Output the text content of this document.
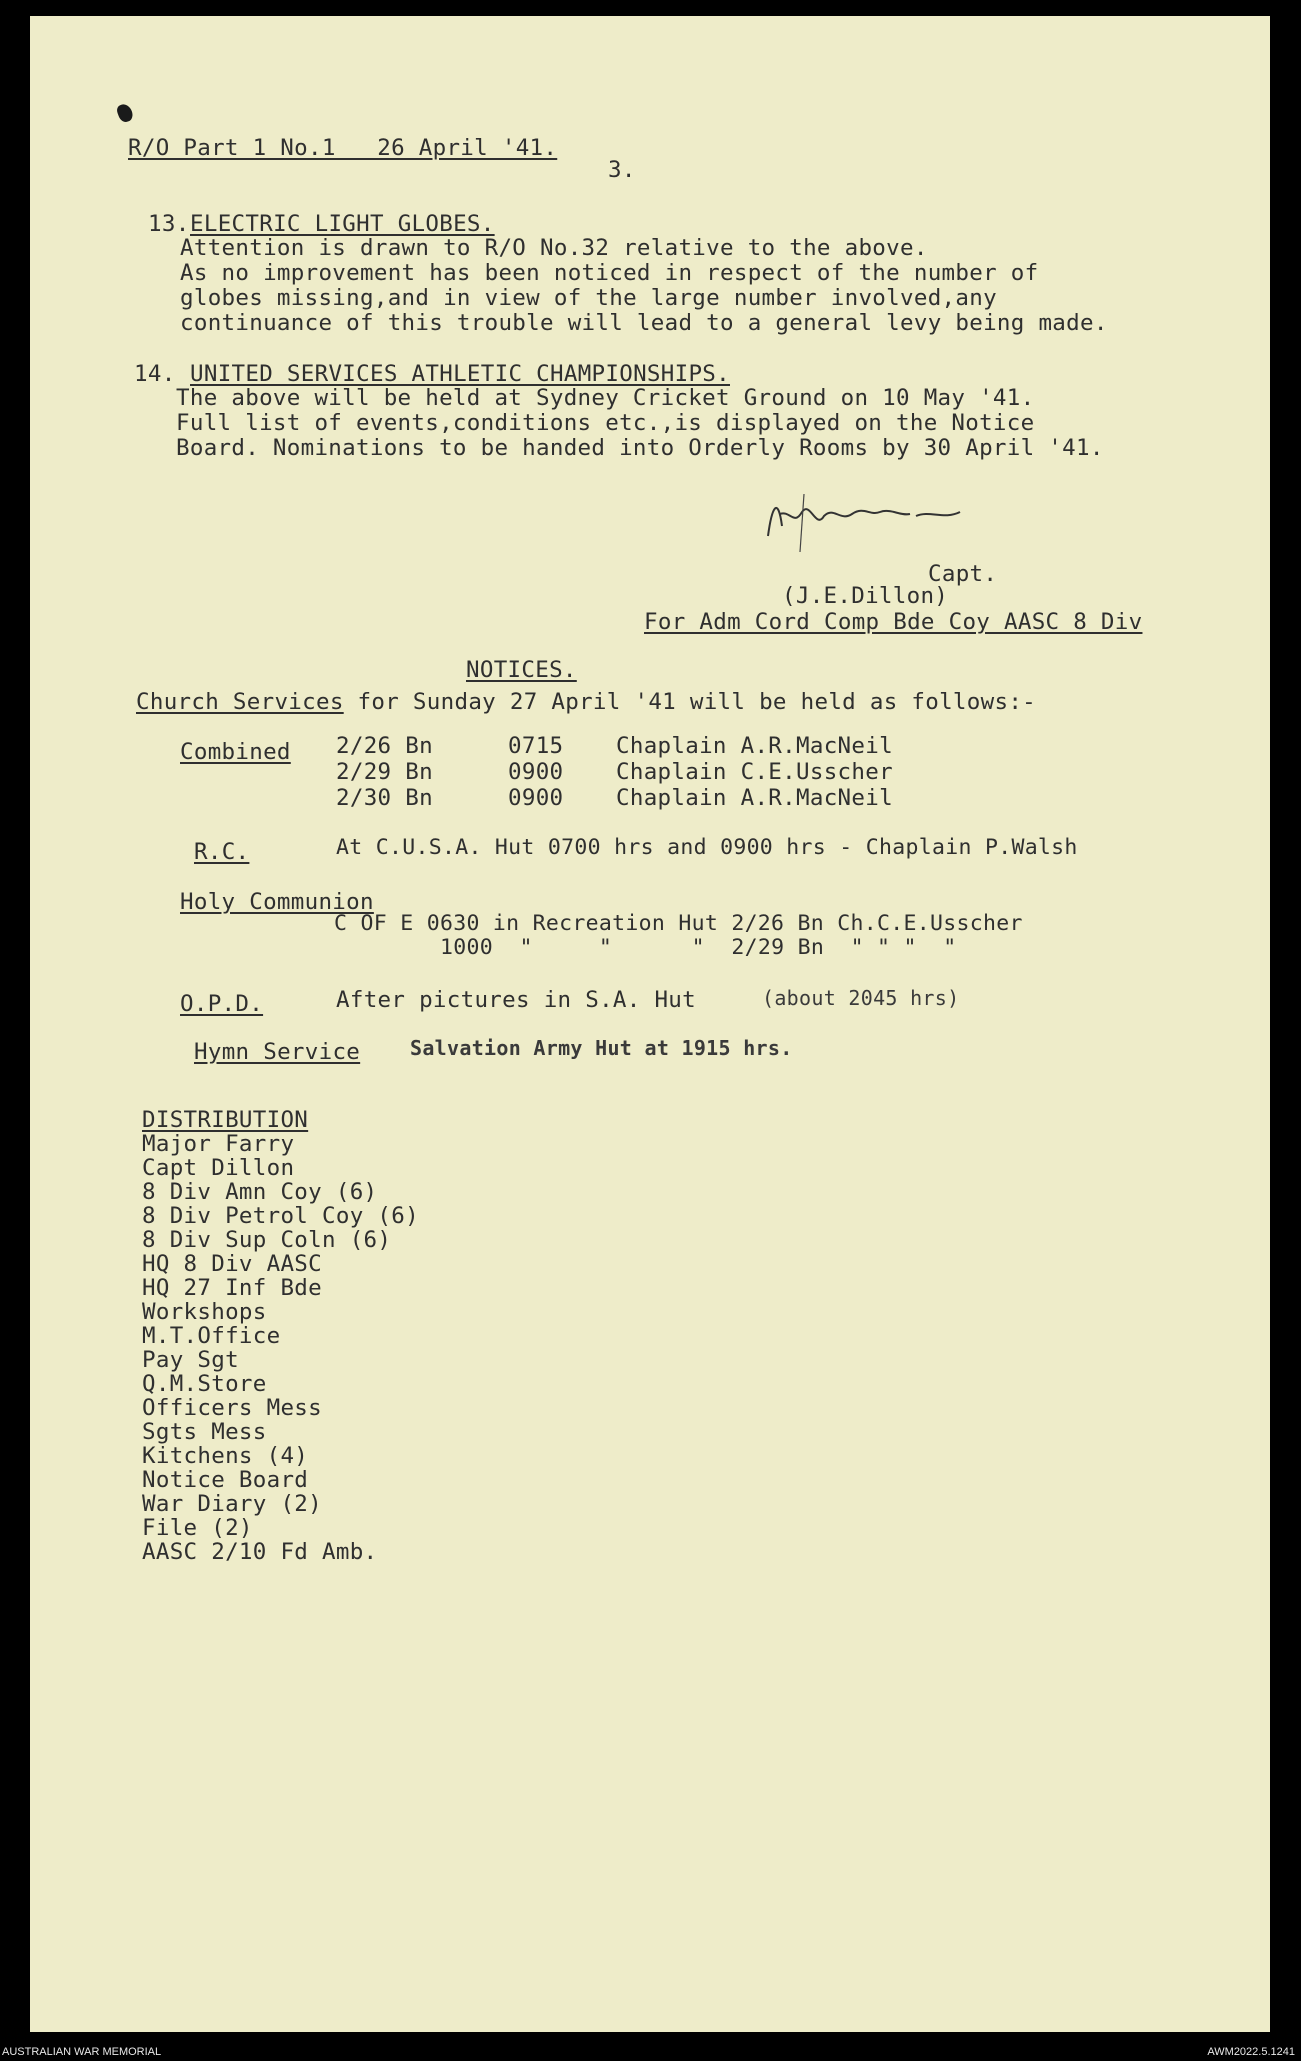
R/O Part 1 No.1   26 April '41.
3.
13. ELECTRIC LIGHT GLOBES.
Attention is drawn to R/O No.32 relative to the above.
As no improvement has been noticed in respect of the number of
globes missing,and in view of the large number involved,any
continuance of this trouble will lead to a general levy being made.
14. UNITED SERVICES ATHLETIC CHAMPIONSHIPS.
The above will be held at Sydney Cricket Ground on 10 May '41.
Full list of events,conditions etc.,is displayed on the Notice
Board. Nominations to be handed into Orderly Rooms by 30 April '41.
Capt.
(J.E.Dillon)
For Adm Cord Comp Bde Coy AASC 8 Div
NOTICES.
Church Services for Sunday 27 April '41 will be held as follows:-
Combined 2/26 Bn	0715 Chaplain A.R.MacNeil
2/29 Bn	0900 Chaplain C.E.Usscher
2/30 Bn	0900 Chaplain A.R.MacNeil
R.C.	At C.U.S.A. Hut 0700 hrs and 0900 hrs - Chaplain P.Walsh
Holy Communion
C OF E 0630 in Recreation Hut 2/26 Bn Ch.C.E.Usscher
1000  "     "      "  2/29 Bn  " " "  "
O.P.D.	After pictures in S.A. Hut	(about 2045 hrs)
Hymn Service Salvation Army Hut at 1915 hrs.
DISTRIBUTION
Major Farry
Capt Dillon
8 Div Amn Coy (6)
8 Div Petrol Coy (6)
8 Div Sup Coln (6)
HQ 8 Div AASC
HQ 27 Inf Bde
Workshops
M.T.Office
Pay Sgt
Q.M.Store
Officers Mess
Sgts Mess
Kitchens (4)
Notice Board
War Diary (2)
File (2)
AASC 2/10 Fd Amb.
AUSTRALIAN WAR MEMORIAL	AWM2022.5.1241
